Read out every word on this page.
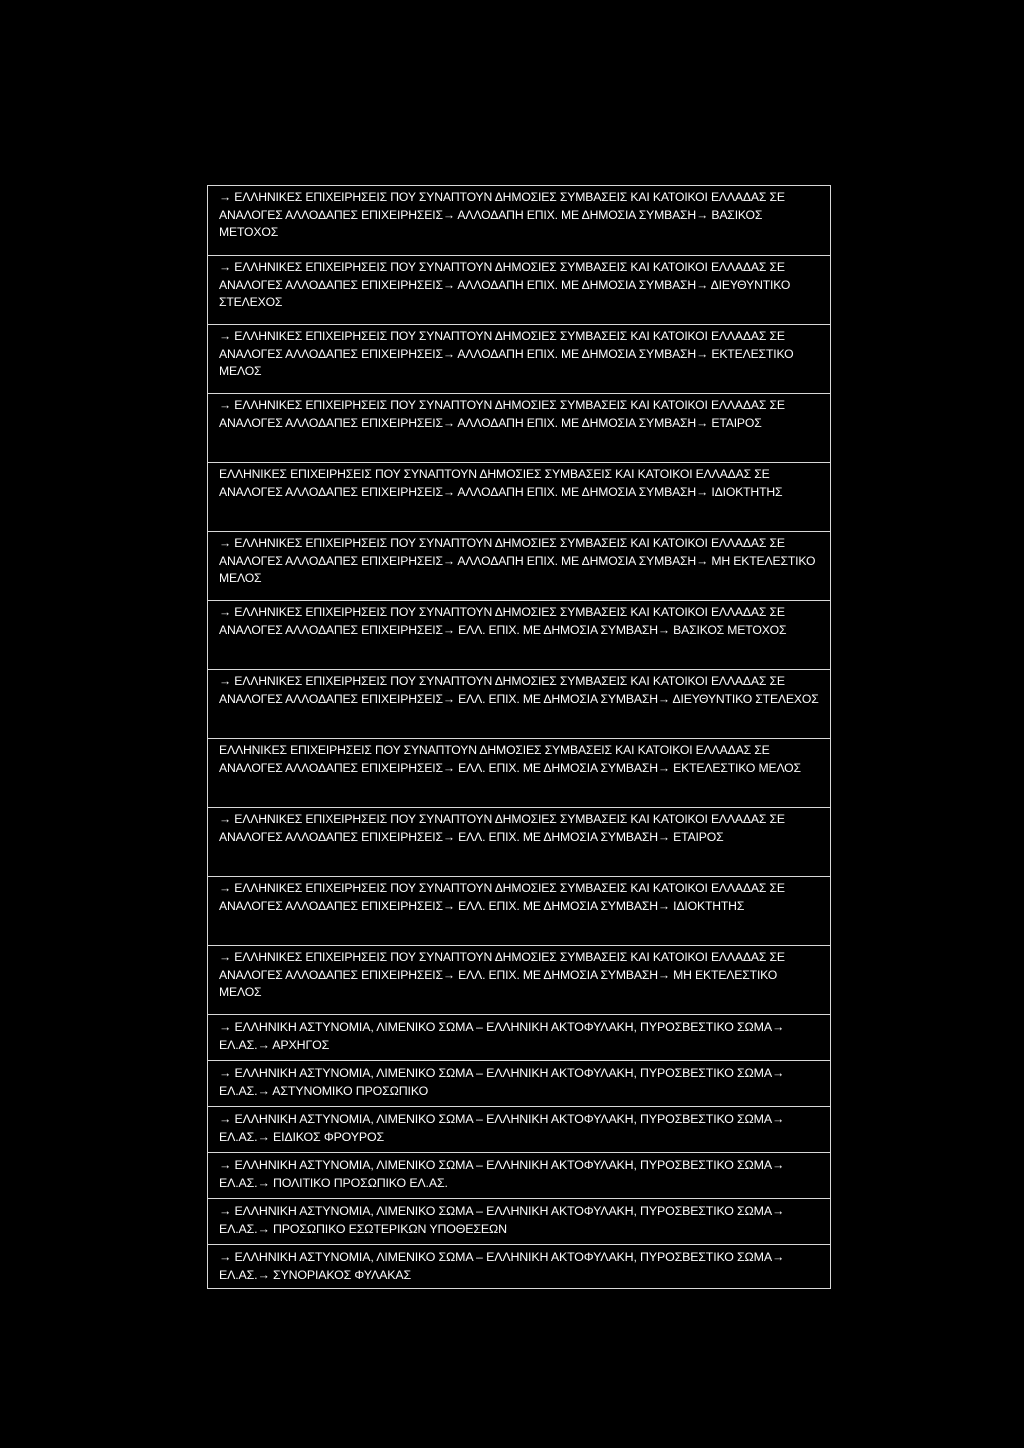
→ ΕΛΛΗΝΙΚΕΣ ΕΠΙΧΕΙΡΗΣΕΙΣ ΠΟΥ ΣΥΝΑΠΤΟΥΝ ΔΗΜΟΣΙΕΣ ΣΥΜΒΑΣΕΙΣ ΚΑΙ ΚΑΤΟΙΚΟΙ ΕΛΛΑΔΑΣ ΣΕ ΑΝΑΛΟΓΕΣ ΑΛΛΟΔΑΠΕΣ ΕΠΙΧΕΙΡΗΣΕΙΣ→ ΑΛΛΟΔΑΠΗ ΕΠΙΧ. ΜΕ ΔΗΜΟΣΙΑ ΣΥΜΒΑΣΗ→ ΒΑΣΙΚΟΣ ΜΕΤΟΧΟΣ
→ ΕΛΛΗΝΙΚΕΣ ΕΠΙΧΕΙΡΗΣΕΙΣ ΠΟΥ ΣΥΝΑΠΤΟΥΝ ΔΗΜΟΣΙΕΣ ΣΥΜΒΑΣΕΙΣ ΚΑΙ ΚΑΤΟΙΚΟΙ ΕΛΛΑΔΑΣ ΣΕ ΑΝΑΛΟΓΕΣ ΑΛΛΟΔΑΠΕΣ ΕΠΙΧΕΙΡΗΣΕΙΣ→ ΑΛΛΟΔΑΠΗ ΕΠΙΧ. ΜΕ ΔΗΜΟΣΙΑ ΣΥΜΒΑΣΗ→ ΔΙΕΥΘΥΝΤΙΚΟ ΣΤΕΛΕΧΟΣ
→ ΕΛΛΗΝΙΚΕΣ ΕΠΙΧΕΙΡΗΣΕΙΣ ΠΟΥ ΣΥΝΑΠΤΟΥΝ ΔΗΜΟΣΙΕΣ ΣΥΜΒΑΣΕΙΣ ΚΑΙ ΚΑΤΟΙΚΟΙ ΕΛΛΑΔΑΣ ΣΕ ΑΝΑΛΟΓΕΣ ΑΛΛΟΔΑΠΕΣ ΕΠΙΧΕΙΡΗΣΕΙΣ→ ΑΛΛΟΔΑΠΗ ΕΠΙΧ. ΜΕ ΔΗΜΟΣΙΑ ΣΥΜΒΑΣΗ→ ΕΚΤΕΛΕΣΤΙΚΟ ΜΕΛΟΣ
→ ΕΛΛΗΝΙΚΕΣ ΕΠΙΧΕΙΡΗΣΕΙΣ ΠΟΥ ΣΥΝΑΠΤΟΥΝ ΔΗΜΟΣΙΕΣ ΣΥΜΒΑΣΕΙΣ ΚΑΙ ΚΑΤΟΙΚΟΙ ΕΛΛΑΔΑΣ ΣΕ ΑΝΑΛΟΓΕΣ ΑΛΛΟΔΑΠΕΣ ΕΠΙΧΕΙΡΗΣΕΙΣ→ ΑΛΛΟΔΑΠΗ ΕΠΙΧ. ΜΕ ΔΗΜΟΣΙΑ ΣΥΜΒΑΣΗ→ ΕΤΑΙΡΟΣ
ΕΛΛΗΝΙΚΕΣ ΕΠΙΧΕΙΡΗΣΕΙΣ ΠΟΥ ΣΥΝΑΠΤΟΥΝ ΔΗΜΟΣΙΕΣ ΣΥΜΒΑΣΕΙΣ ΚΑΙ ΚΑΤΟΙΚΟΙ ΕΛΛΑΔΑΣ ΣΕ ΑΝΑΛΟΓΕΣ ΑΛΛΟΔΑΠΕΣ ΕΠΙΧΕΙΡΗΣΕΙΣ→ ΑΛΛΟΔΑΠΗ ΕΠΙΧ. ΜΕ ΔΗΜΟΣΙΑ ΣΥΜΒΑΣΗ→ ΙΔΙΟΚΤΗΤΗΣ
→ ΕΛΛΗΝΙΚΕΣ ΕΠΙΧΕΙΡΗΣΕΙΣ ΠΟΥ ΣΥΝΑΠΤΟΥΝ ΔΗΜΟΣΙΕΣ ΣΥΜΒΑΣΕΙΣ ΚΑΙ ΚΑΤΟΙΚΟΙ ΕΛΛΑΔΑΣ ΣΕ ΑΝΑΛΟΓΕΣ ΑΛΛΟΔΑΠΕΣ ΕΠΙΧΕΙΡΗΣΕΙΣ→ ΑΛΛΟΔΑΠΗ ΕΠΙΧ. ΜΕ ΔΗΜΟΣΙΑ ΣΥΜΒΑΣΗ→ ΜΗ ΕΚΤΕΛΕΣΤΙΚΟ ΜΕΛΟΣ
→ ΕΛΛΗΝΙΚΕΣ ΕΠΙΧΕΙΡΗΣΕΙΣ ΠΟΥ ΣΥΝΑΠΤΟΥΝ ΔΗΜΟΣΙΕΣ ΣΥΜΒΑΣΕΙΣ ΚΑΙ ΚΑΤΟΙΚΟΙ ΕΛΛΑΔΑΣ ΣΕ ΑΝΑΛΟΓΕΣ ΑΛΛΟΔΑΠΕΣ ΕΠΙΧΕΙΡΗΣΕΙΣ→ ΕΛΛ. ΕΠΙΧ. ΜΕ ΔΗΜΟΣΙΑ ΣΥΜΒΑΣΗ→ ΒΑΣΙΚΟΣ ΜΕΤΟΧΟΣ
→ ΕΛΛΗΝΙΚΕΣ ΕΠΙΧΕΙΡΗΣΕΙΣ ΠΟΥ ΣΥΝΑΠΤΟΥΝ ΔΗΜΟΣΙΕΣ ΣΥΜΒΑΣΕΙΣ ΚΑΙ ΚΑΤΟΙΚΟΙ ΕΛΛΑΔΑΣ ΣΕ ΑΝΑΛΟΓΕΣ ΑΛΛΟΔΑΠΕΣ ΕΠΙΧΕΙΡΗΣΕΙΣ→ ΕΛΛ. ΕΠΙΧ. ΜΕ ΔΗΜΟΣΙΑ ΣΥΜΒΑΣΗ→ ΔΙΕΥΘΥΝΤΙΚΟ ΣΤΕΛΕΧΟΣ
ΕΛΛΗΝΙΚΕΣ ΕΠΙΧΕΙΡΗΣΕΙΣ ΠΟΥ ΣΥΝΑΠΤΟΥΝ ΔΗΜΟΣΙΕΣ ΣΥΜΒΑΣΕΙΣ ΚΑΙ ΚΑΤΟΙΚΟΙ ΕΛΛΑΔΑΣ ΣΕ ΑΝΑΛΟΓΕΣ ΑΛΛΟΔΑΠΕΣ ΕΠΙΧΕΙΡΗΣΕΙΣ→ ΕΛΛ. ΕΠΙΧ. ΜΕ ΔΗΜΟΣΙΑ ΣΥΜΒΑΣΗ→ ΕΚΤΕΛΕΣΤΙΚΟ ΜΕΛΟΣ
→ ΕΛΛΗΝΙΚΕΣ ΕΠΙΧΕΙΡΗΣΕΙΣ ΠΟΥ ΣΥΝΑΠΤΟΥΝ ΔΗΜΟΣΙΕΣ ΣΥΜΒΑΣΕΙΣ ΚΑΙ ΚΑΤΟΙΚΟΙ ΕΛΛΑΔΑΣ ΣΕ ΑΝΑΛΟΓΕΣ ΑΛΛΟΔΑΠΕΣ ΕΠΙΧΕΙΡΗΣΕΙΣ→ ΕΛΛ. ΕΠΙΧ. ΜΕ ΔΗΜΟΣΙΑ ΣΥΜΒΑΣΗ→ ΕΤΑΙΡΟΣ
→ ΕΛΛΗΝΙΚΕΣ ΕΠΙΧΕΙΡΗΣΕΙΣ ΠΟΥ ΣΥΝΑΠΤΟΥΝ ΔΗΜΟΣΙΕΣ ΣΥΜΒΑΣΕΙΣ ΚΑΙ ΚΑΤΟΙΚΟΙ ΕΛΛΑΔΑΣ ΣΕ ΑΝΑΛΟΓΕΣ ΑΛΛΟΔΑΠΕΣ ΕΠΙΧΕΙΡΗΣΕΙΣ→ ΕΛΛ. ΕΠΙΧ. ΜΕ ΔΗΜΟΣΙΑ ΣΥΜΒΑΣΗ→ ΙΔΙΟΚΤΗΤΗΣ
→ ΕΛΛΗΝΙΚΕΣ ΕΠΙΧΕΙΡΗΣΕΙΣ ΠΟΥ ΣΥΝΑΠΤΟΥΝ ΔΗΜΟΣΙΕΣ ΣΥΜΒΑΣΕΙΣ ΚΑΙ ΚΑΤΟΙΚΟΙ ΕΛΛΑΔΑΣ ΣΕ ΑΝΑΛΟΓΕΣ ΑΛΛΟΔΑΠΕΣ ΕΠΙΧΕΙΡΗΣΕΙΣ→ ΕΛΛ. ΕΠΙΧ. ΜΕ ΔΗΜΟΣΙΑ ΣΥΜΒΑΣΗ→ ΜΗ ΕΚΤΕΛΕΣΤΙΚΟ ΜΕΛΟΣ
→ ΕΛΛΗΝΙΚΗ ΑΣΤΥΝΟΜΙΑ, ΛΙΜΕΝΙΚΟ ΣΩΜΑ – ΕΛΛΗΝΙΚΗ ΑΚΤΟΦΥΛΑΚΗ, ΠΥΡΟΣΒΕΣΤΙΚΟ ΣΩΜΑ→ ΕΛ.ΑΣ.→ ΑΡΧΗΓΟΣ
→ ΕΛΛΗΝΙΚΗ ΑΣΤΥΝΟΜΙΑ, ΛΙΜΕΝΙΚΟ ΣΩΜΑ – ΕΛΛΗΝΙΚΗ ΑΚΤΟΦΥΛΑΚΗ, ΠΥΡΟΣΒΕΣΤΙΚΟ ΣΩΜΑ→ ΕΛ.ΑΣ.→ ΑΣΤΥΝΟΜΙΚΟ ΠΡΟΣΩΠΙΚΟ
→ ΕΛΛΗΝΙΚΗ ΑΣΤΥΝΟΜΙΑ, ΛΙΜΕΝΙΚΟ ΣΩΜΑ – ΕΛΛΗΝΙΚΗ ΑΚΤΟΦΥΛΑΚΗ, ΠΥΡΟΣΒΕΣΤΙΚΟ ΣΩΜΑ→ ΕΛ.ΑΣ.→ ΕΙΔΙΚΟΣ ΦΡΟΥΡΟΣ
→ ΕΛΛΗΝΙΚΗ ΑΣΤΥΝΟΜΙΑ, ΛΙΜΕΝΙΚΟ ΣΩΜΑ – ΕΛΛΗΝΙΚΗ ΑΚΤΟΦΥΛΑΚΗ, ΠΥΡΟΣΒΕΣΤΙΚΟ ΣΩΜΑ→ ΕΛ.ΑΣ.→ ΠΟΛΙΤΙΚΟ ΠΡΟΣΩΠΙΚΟ ΕΛ.ΑΣ.
→ ΕΛΛΗΝΙΚΗ ΑΣΤΥΝΟΜΙΑ, ΛΙΜΕΝΙΚΟ ΣΩΜΑ – ΕΛΛΗΝΙΚΗ ΑΚΤΟΦΥΛΑΚΗ, ΠΥΡΟΣΒΕΣΤΙΚΟ ΣΩΜΑ→ ΕΛ.ΑΣ.→ ΠΡΟΣΩΠΙΚΟ ΕΣΩΤΕΡΙΚΩΝ ΥΠΟΘΕΣΕΩΝ
→ ΕΛΛΗΝΙΚΗ ΑΣΤΥΝΟΜΙΑ, ΛΙΜΕΝΙΚΟ ΣΩΜΑ – ΕΛΛΗΝΙΚΗ ΑΚΤΟΦΥΛΑΚΗ, ΠΥΡΟΣΒΕΣΤΙΚΟ ΣΩΜΑ→ ΕΛ.ΑΣ.→ ΣΥΝΟΡΙΑΚΟΣ ΦΥΛΑΚΑΣ
